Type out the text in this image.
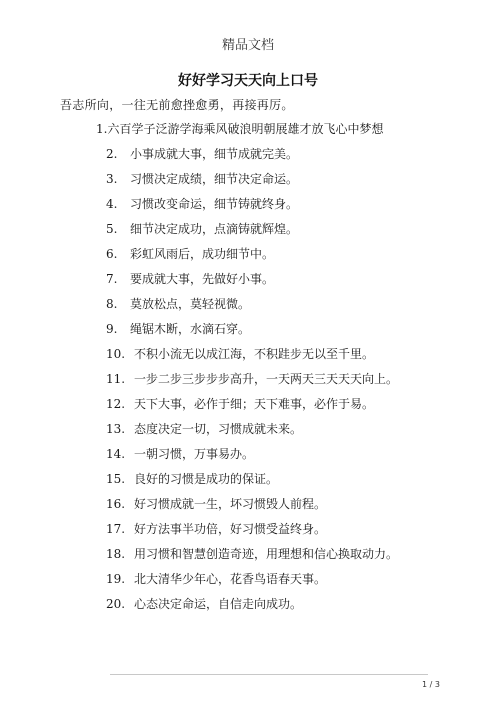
精品文档
好好学习天天向上口号
吾志所向，一往无前愈挫愈勇，再接再厉。
1.六百学子泛游学海乘风破浪明朝展雄才放飞心中梦想
2. 小事成就大事，细节成就完美。
3. 习惯决定成绩，细节决定命运。
4. 习惯改变命运，细节铸就终身。
5. 细节决定成功，点滴铸就辉煌。
6. 彩虹风雨后，成功细节中。
7. 要成就大事，先做好小事。
8. 莫放松点，莫轻视微。
9. 绳锯木断，水滴石穿。
10. 不积小流无以成江海，不积跬步无以至千里。
11. 一步二步三步步步高升，一天两天三天天天向上。
12. 天下大事，必作于细；天下难事，必作于易。
13. 态度决定一切，习惯成就未来。
14. 一朝习惯，万事易办。
15. 良好的习惯是成功的保证。
16. 好习惯成就一生，坏习惯毁人前程。
17. 好方法事半功倍，好习惯受益终身。
18. 用习惯和智慧创造奇迹，用理想和信心换取动力。
19. 北大清华少年心，花香鸟语春天事。
20. 心态决定命运，自信走向成功。
1 / 3
